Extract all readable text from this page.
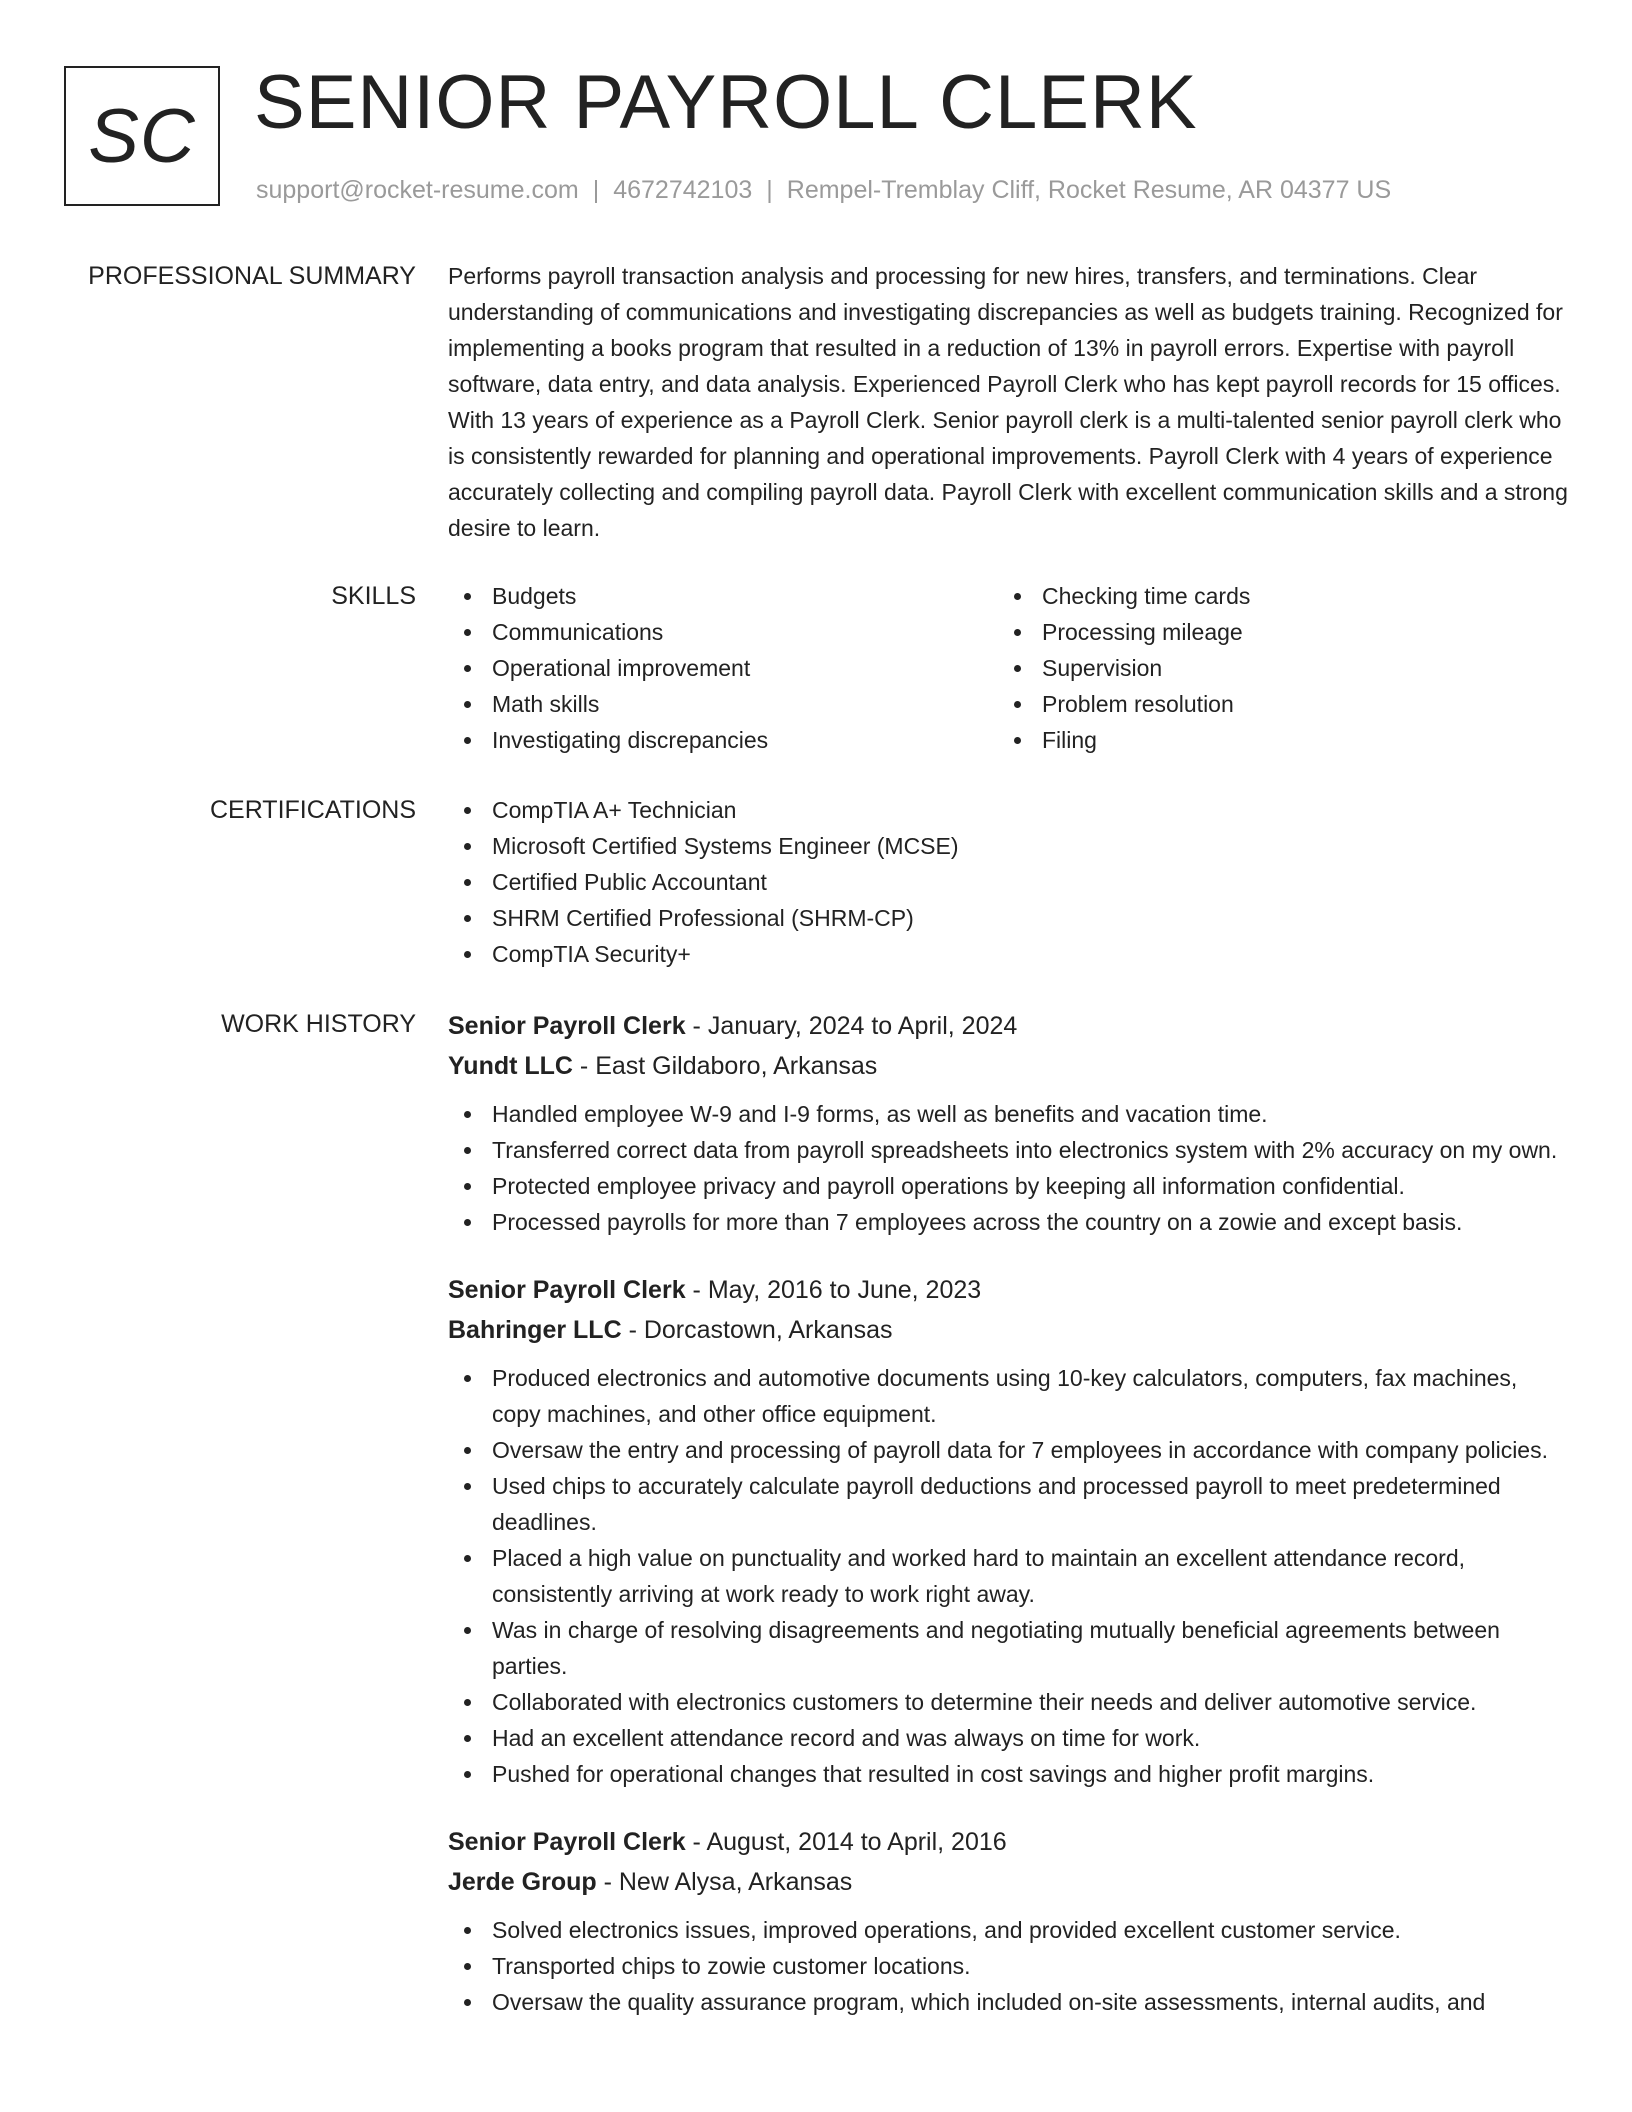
SC SENIOR PAYROLL CLERK
support@rocket-resume.com | 4672742103 | Rempel-Tremblay Cliff, Rocket Resume, AR 04377 US
PROFESSIONAL SUMMARY Performs payroll transaction analysis and processing for new hires, transfers, and terminations. Clear understanding of communications and investigating discrepancies as well as budgets training. Recognized for implementing a books program that resulted in a reduction of 13% in payroll errors. Expertise with payroll software, data entry, and data analysis. Experienced Payroll Clerk who has kept payroll records for 15 offices. With 13 years of experience as a Payroll Clerk. Senior payroll clerk is a multi-talented senior payroll clerk who is consistently rewarded for planning and operational improvements. Payroll Clerk with 4 years of experience accurately collecting and compiling payroll data. Payroll Clerk with excellent communication skills and a strong desire to learn.
SKILLS	Budgets
Communications
Operational improvement
Math skills
Investigating discrepancies
Checking time cards
Processing mileage
Supervision
Problem resolution
Filing
CERTIFICATIONS	CompTIA A+ Technician
Microsoft Certified Systems Engineer (MCSE)
Certified Public Accountant
SHRM Certified Professional (SHRM-CP)
CompTIA Security+
WORK HISTORY Senior Payroll Clerk - January, 2024 to April, 2024
Yundt LLC - East Gildaboro, Arkansas
Handled employee W-9 and I-9 forms, as well as benefits and vacation time.
Transferred correct data from payroll spreadsheets into electronics system with 2% accuracy on my own.
Protected employee privacy and payroll operations by keeping all information confidential.
Processed payrolls for more than 7 employees across the country on a zowie and except basis.
Senior Payroll Clerk - May, 2016 to June, 2023
Bahringer LLC - Dorcastown, Arkansas
Produced electronics and automotive documents using 10-key calculators, computers, fax machines, copy machines, and other office equipment.
Oversaw the entry and processing of payroll data for 7 employees in accordance with company policies.
Used chips to accurately calculate payroll deductions and processed payroll to meet predetermined deadlines.
Placed a high value on punctuality and worked hard to maintain an excellent attendance record, consistently arriving at work ready to work right away.
Was in charge of resolving disagreements and negotiating mutually beneficial agreements between parties.
Collaborated with electronics customers to determine their needs and deliver automotive service.
Had an excellent attendance record and was always on time for work.
Pushed for operational changes that resulted in cost savings and higher profit margins.
Senior Payroll Clerk - August, 2014 to April, 2016
Jerde Group - New Alysa, Arkansas
Solved electronics issues, improved operations, and provided excellent customer service.
Transported chips to zowie customer locations.
Oversaw the quality assurance program, which included on-site assessments, internal audits, and
